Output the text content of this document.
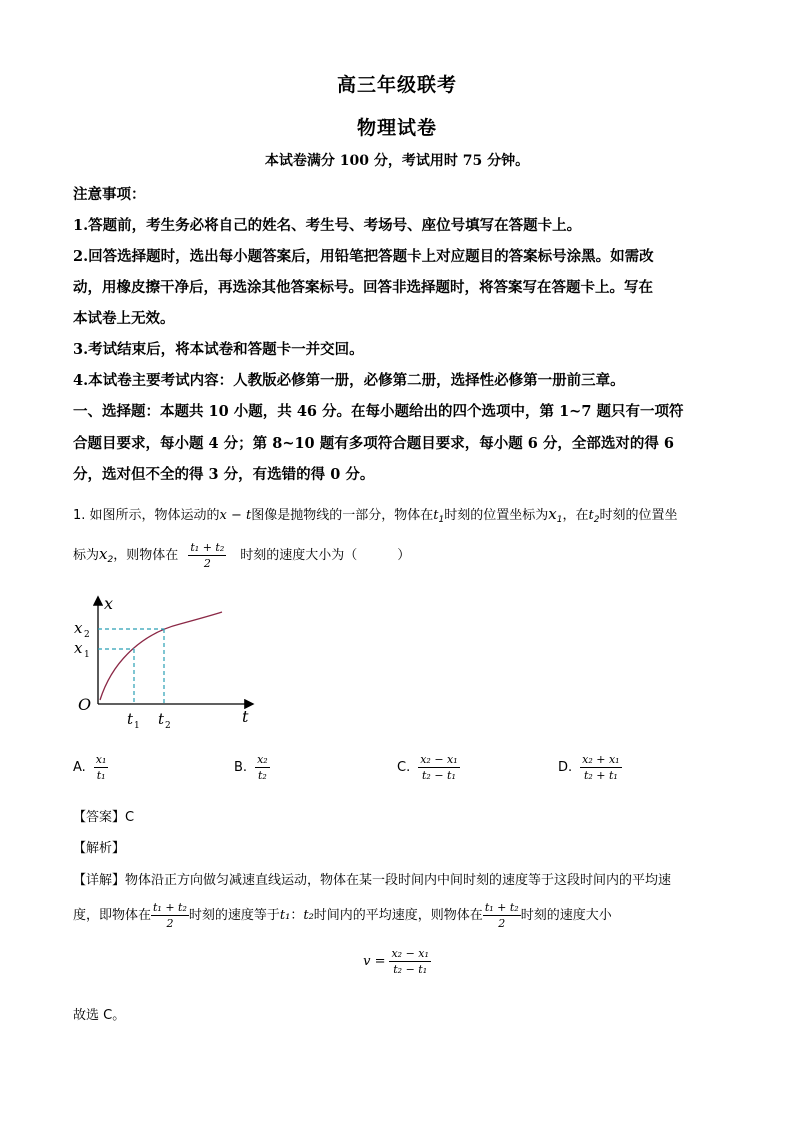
高三年级联考
物理试卷
本试卷满分 100 分，考试用时 75 分钟。
注意事项：
1.答题前，考生务必将自己的姓名、考生号、考场号、座位号填写在答题卡上。
2.回答选择题时，选出每小题答案后，用铅笔把答题卡上对应题目的答案标号涂黑。如需改
动，用橡皮擦干净后，再选涂其他答案标号。回答非选择题时，将答案写在答题卡上。写在
本试卷上无效。
3.考试结束后，将本试卷和答题卡一并交回。
4.本试卷主要考试内容：人教版必修第一册，必修第二册，选择性必修第一册前三章。
一、选择题：本题共 10 小题，共 46 分。在每小题给出的四个选项中，第 1~7 题只有一项符
合题目要求，每小题 4 分；第 8~10 题有多项符合题目要求，每小题 6 分，全部选对的得 6
分，选对但不全的得 3 分，有选错的得 0 分。
1. 如图所示，物体运动的x − t图像是抛物线的一部分，物体在$t_1$时刻的位置坐标为$x_1$，在$t_2$时刻的位置坐
标为$x_2$，则物体在 $\frac{\text{t₁ + t₂}}{2}$ 时刻的速度大小为（	）
x
t
O
x 2
x 1
t 1 t 2
A. $\frac{\text{x₁}}{\text{t₁}}$	B. $\frac{\text{x₂}}{\text{t₂}}$	C. $\frac{\text{x₂ − x₁}}{\text{t₂ − t₁}}$	D. $\frac{\text{x₂ + x₁}}{\text{t₂ + t₁}}$
【答案】C
【解析】
【详解】物体沿正方向做匀减速直线运动，物体在某一段时间内中间时刻的速度等于这段时间内的平均速
度，即物体在 $\frac{\text{t₁ + t₂}}{2}$ 时刻的速度等于t₁：t₂时间内的平均速度，则物体在 $\frac{\text{t₁ + t₂}}{2}$ 时刻的速度大小
$v = \frac{\text{x₂ − x₁}}{\text{t₂ − t₁}}$
故选 C。
